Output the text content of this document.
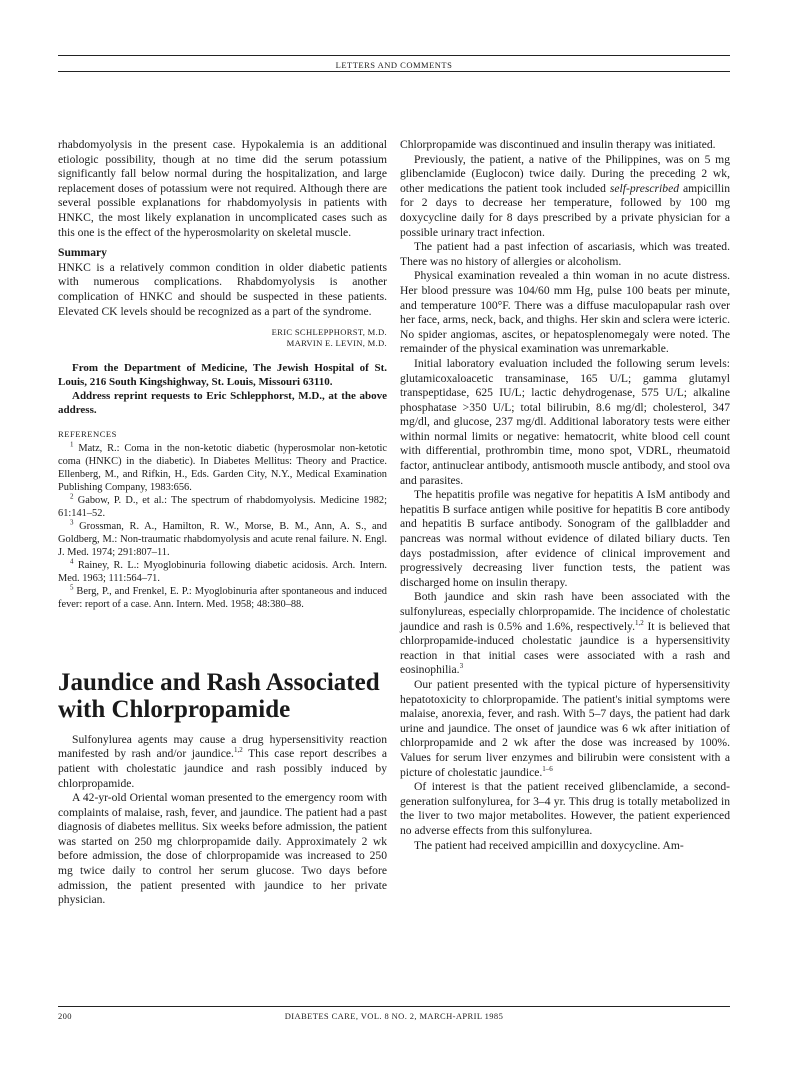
LETTERS AND COMMENTS

rhabdomyolysis in the present case. Hypokalemia is an additional etiologic possibility, though at no time did the serum potassium significantly fall below normal during the hospitalization, and large replacement doses of potassium were not required. Although there are several possible explanations for rhabdomyolysis in patients with HNKC, the most likely explanation in uncomplicated cases such as this one is the effect of the hyperosmolarity on skeletal muscle.

Summary

HNKC is a relatively common condition in older diabetic patients with numerous complications. Rhabdomyolysis is another complication of HNKC and should be suspected in these patients. Elevated CK levels should be recognized as a part of the syndrome.

ERIC SCHLEPPHORST, M.D.

MARVIN E. LEVIN, M.D.

From the Department of Medicine, The Jewish Hospital of St. Louis, 216 South Kingshighway, St. Louis, Missouri 63110.

Address reprint requests to Eric Schlepphorst, M.D., at the above address.

REFERENCES

$^1$ Matz, R.: Coma in the non-ketotic diabetic (hyperosmolar non-ketotic coma (HNKC) in the diabetic). In Diabetes Mellitus: Theory and Practice. Ellenberg, M., and Rifkin, H., Eds. Garden City, N.Y., Medical Examination Publishing Company, 1983:656.

$^2$ Gabow, P. D., et al.: The spectrum of rhabdomyolysis. Medicine 1982; 61:141–52.

$^3$ Grossman, R. A., Hamilton, R. W., Morse, B. M., Ann, A. S., and Goldberg, M.: Non-traumatic rhabdomyolysis and acute renal failure. N. Engl. J. Med. 1974; 291:807–11.

$^4$ Rainey, R. L.: Myoglobinuria following diabetic acidosis. Arch. Intern. Med. 1963; 111:564–71.

$^5$ Berg, P., and Frenkel, E. P.: Myoglobinuria after spontaneous and induced fever: report of a case. Ann. Intern. Med. 1958; 48:380–88.

Jaundice and Rash Associated with Chlorpropamide

Sulfonylurea agents may cause a drug hypersensitivity reaction manifested by rash and/or jaundice.$^{1,2}$ This case report describes a patient with cholestatic jaundice and rash possibly induced by chlorpropamide.

A 42-yr-old Oriental woman presented to the emergency room with complaints of malaise, rash, fever, and jaundice. The patient had a past diagnosis of diabetes mellitus. Six weeks before admission, the patient was started on 250 mg chlorpropamide daily. Approximately 2 wk before admission, the dose of chlorpropamide was increased to 250 mg twice daily to control her serum glucose. Two days before admission, the patient presented with jaundice to her private physician.

Chlorpropamide was discontinued and insulin therapy was initiated.

Previously, the patient, a native of the Philippines, was on 5 mg glibenclamide (Euglocon) twice daily. During the preceding 2 wk, other medications the patient took included self-prescribed ampicillin for 2 days to decrease her temperature, followed by 100 mg doxycycline daily for 8 days prescribed by a private physician for a possible urinary tract infection.

The patient had a past infection of ascariasis, which was treated. There was no history of allergies or alcoholism.

Physical examination revealed a thin woman in no acute distress. Her blood pressure was 104/60 mm Hg, pulse 100 beats per minute, and temperature 100°F. There was a diffuse maculopapular rash over her face, arms, neck, back, and thighs. Her skin and sclera were icteric. No spider angiomas, ascites, or hepatosplenomegaly were noted. The remainder of the physical examination was unremarkable.

Initial laboratory evaluation included the following serum levels: glutamicoxaloacetic transaminase, 165 U/L; gamma glutamyl transpeptidase, 625 IU/L; lactic dehydrogenase, 575 U/L; alkaline phosphatase >350 U/L; total bilirubin, 8.6 mg/dl; cholesterol, 347 mg/dl, and glucose, 237 mg/dl. Additional laboratory tests were either within normal limits or negative: hematocrit, white blood cell count with differential, prothrombin time, mono spot, VDRL, rheumatoid factor, antinuclear antibody, antismooth muscle antibody, and stool ova and parasites.

The hepatitis profile was negative for hepatitis A IsM antibody and hepatitis B surface antigen while positive for hepatitis B core antibody and hepatitis B surface antibody. Sonogram of the gallbladder and pancreas was normal without evidence of dilated biliary ducts. Ten days postadmission, after evidence of clinical improvement and progressively decreasing liver function tests, the patient was discharged home on insulin therapy.

Both jaundice and skin rash have been associated with the sulfonylureas, especially chlorpropamide. The incidence of cholestatic jaundice and rash is 0.5% and 1.6%, respectively.$^{1,2}$ It is believed that chlorpropamide-induced cholestatic jaundice is a hypersensitivity reaction in that initial cases were associated with a rash and eosinophilia.$^3$

Our patient presented with the typical picture of hypersensitivity hepatotoxicity to chlorpropamide. The patient's initial symptoms were malaise, anorexia, fever, and rash. With 5–7 days, the patient had dark urine and jaundice. The onset of jaundice was 6 wk after initiation of chlorpropamide and 2 wk after the dose was increased by 100%. Values for serum liver enzymes and bilirubin were consistent with a picture of cholestatic jaundice.$^{1-6}$

Of interest is that the patient received glibenclamide, a second-generation sulfonylurea, for 3–4 yr. This drug is totally metabolized in the liver to two major metabolites. However, the patient experienced no adverse effects from this sulfonylurea.

The patient had received ampicillin and doxycycline. Am-

200	DIABETES CARE, VOL. 8 NO. 2, MARCH-APRIL 1985
